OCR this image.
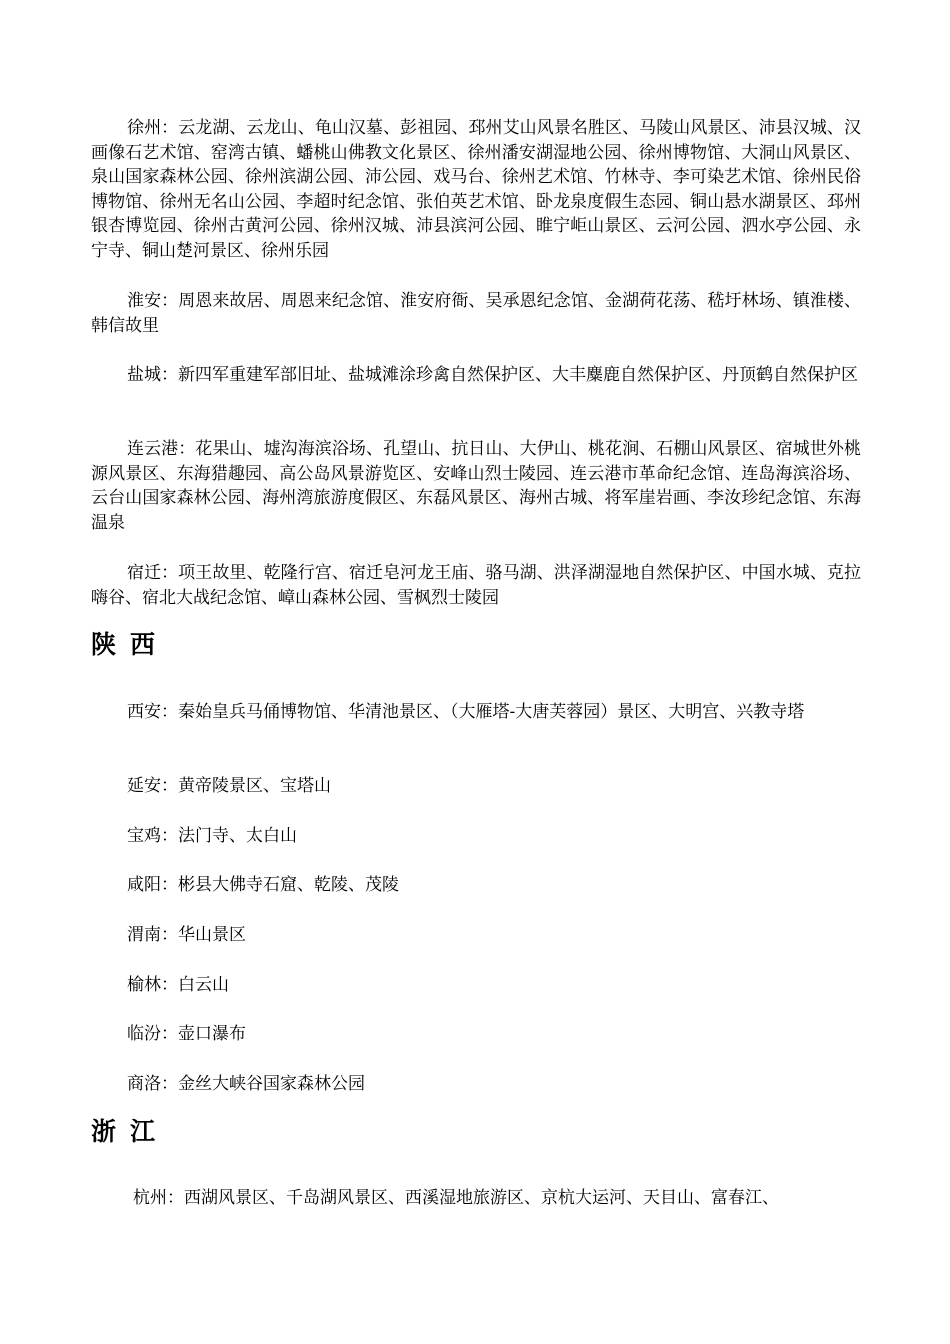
徐州：云龙湖、云龙山、龟山汉墓、彭祖园、邳州艾山风景名胜区、马陵山风景区、沛县汉城、汉画像石艺术馆、窑湾古镇、蟠桃山佛教文化景区、徐州潘安湖湿地公园、徐州博物馆、大洞山风景区、泉山国家森林公园、徐州滨湖公园、沛公园、戏马台、徐州艺术馆、竹林寺、李可染艺术馆、徐州民俗博物馆、徐州无名山公园、李超时纪念馆、张伯英艺术馆、卧龙泉度假生态园、铜山悬水湖景区、邳州银杏博览园、徐州古黄河公园、徐州汉城、沛县滨河公园、睢宁岠山景区、云河公园、泗水亭公园、永宁寺、铜山楚河景区、徐州乐园

淮安：周恩来故居、周恩来纪念馆、淮安府衙、吴承恩纪念馆、金湖荷花荡、嵇圩林场、镇淮楼、韩信故里

盐城：新四军重建军部旧址、盐城滩涂珍禽自然保护区、大丰麋鹿自然保护区、丹顶鹤自然保护区

连云港：花果山、墟沟海滨浴场、孔望山、抗日山、大伊山、桃花涧、石棚山风景区、宿城世外桃源风景区、东海猎趣园、高公岛风景游览区、安峰山烈士陵园、连云港市革命纪念馆、连岛海滨浴场、云台山国家森林公园、海州湾旅游度假区、东磊风景区、海州古城、将军崖岩画、李汝珍纪念馆、东海温泉

宿迁：项王故里、乾隆行宫、宿迁皂河龙王庙、骆马湖、洪泽湖湿地自然保护区、中国水城、克拉嗨谷、宿北大战纪念馆、嶂山森林公园、雪枫烈士陵园

陕西

西安：秦始皇兵马俑博物馆、华清池景区、（大雁塔-大唐芙蓉园）景区、大明宫、兴教寺塔

延安：黄帝陵景区、宝塔山

宝鸡：法门寺、太白山

咸阳：彬县大佛寺石窟、乾陵、茂陵

渭南：华山景区

榆林：白云山

临汾：壶口瀑布

商洛：金丝大峡谷国家森林公园

浙江

杭州：西湖风景区、千岛湖风景区、西溪湿地旅游区、京杭大运河、天目山、富春江、
